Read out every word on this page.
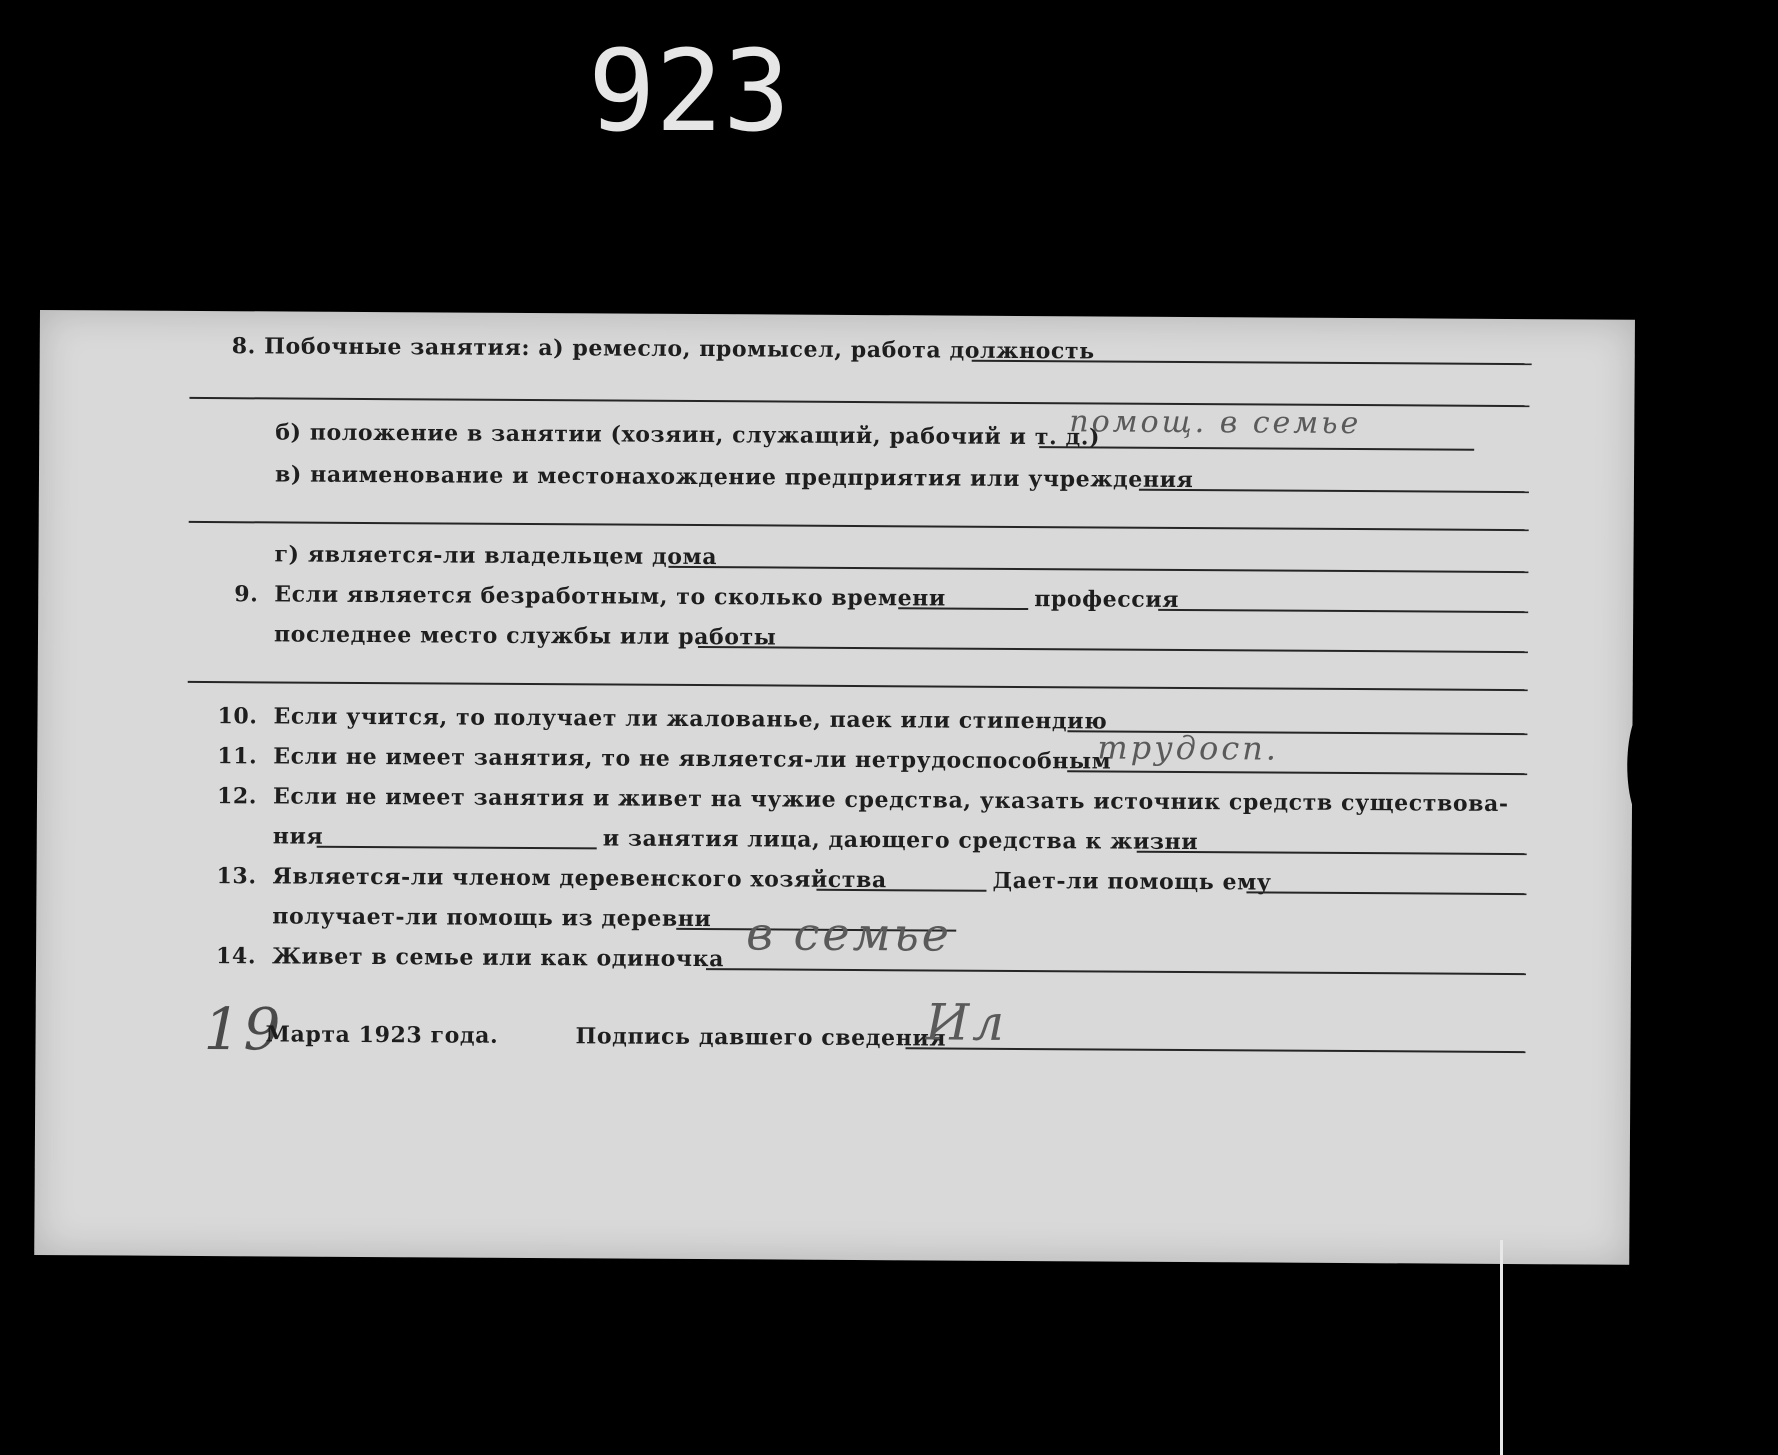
923
8. Побочные занятия: а) ремесло, промысел, работа должность
б) положение в занятии (хозяин, служащий, рабочий и т. д.)
помощ. в семье
в) наименование и местонахождение предприятия или учреждения
г) является-ли владельцем дома
9. Если является безработным, то сколько времени	профессия
последнее место службы или работы
10. Если учится, то получает ли жалованье, паек или стипендию
11. Если не имеет занятия, то не является-ли нетрудоспособным
трудосп.
12. Если не имеет занятия и живет на чужие средства, указать источник средств существова-
ния	и занятия лица, дающего средства к жизни
13. Является-ли членом деревенского хозяйства	Дает-ли помощь ему
получает-ли помощь из деревни
14. Живет в семье или как одиночка в семье
19
Марта 1923 года.	Подпись давшего сведения
Ил
